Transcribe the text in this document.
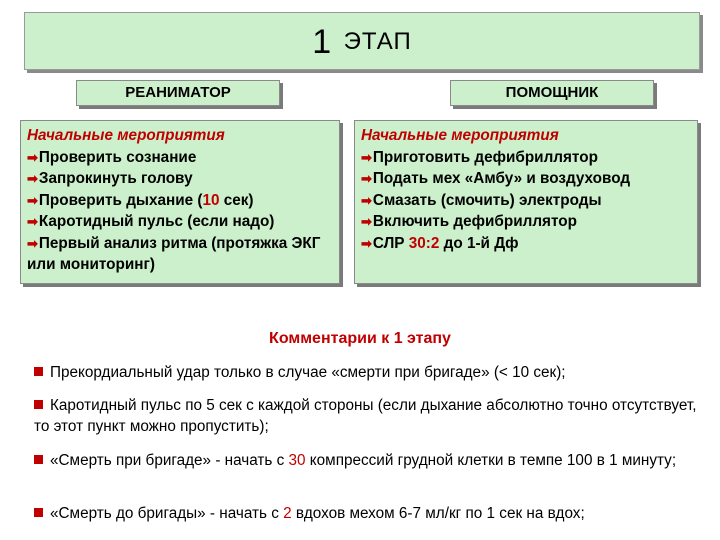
1 ЭТАП
РЕАНИМАТОР	ПОМОЩНИК
Начальные мероприятия
➡Проверить сознание
➡Запрокинуть голову
➡Проверить дыхание (10 сек)
➡Каротидный пульс (если надо)
➡Первый анализ ритма (протяжка ЭКГ или мониторинг)
Начальные мероприятия
➡Приготовить дефибриллятор
➡Подать мех «Амбу» и воздуховод
➡Смазать (смочить) электроды
➡Включить дефибриллятор
➡СЛР 30:2 до 1-й Дф
Комментарии к 1 этапу
Прекордиальный удар только в случае «смерти при бригаде» (< 10 сек);
Каротидный пульс по 5 сек с каждой стороны (если дыхание абсолютно точно отсутствует, то этот пункт можно пропустить);
«Смерть при бригаде» - начать с 30 компрессий грудной клетки в темпе 100 в 1 минуту;
«Смерть до бригады» - начать с 2 вдохов мехом 6-7 мл/кг по 1 сек на вдох;
